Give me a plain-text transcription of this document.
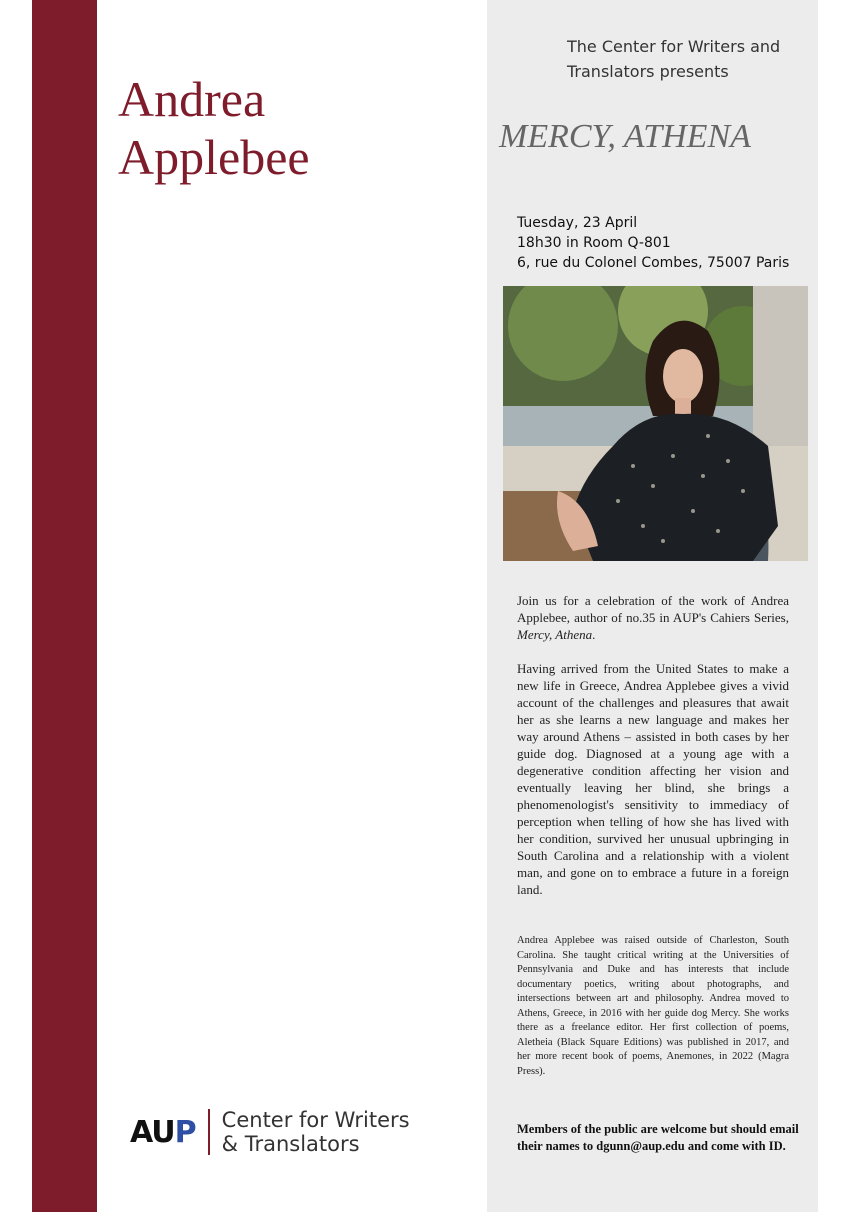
Andrea
Applebee
AUP Center for Writers
& Translators
The Center for Writers and Translators presents
MERCY, ATHENA
Tuesday, 23 April
18h30 in Room Q-801
6, rue du Colonel Combes, 75007 Paris
Join us for a celebration of the work of Andrea Applebee, author of no.35 in AUP's Cahiers Series, Mercy, Athena.
Having arrived from the United States to make a new life in Greece, Andrea Applebee gives a vivid account of the challenges and pleasures that await her as she learns a new language and makes her way around Athens – assisted in both cases by her guide dog. Diagnosed at a young age with a degenerative condition affecting her vision and eventually leaving her blind, she brings a phenomenologist's sensitivity to immediacy of perception when telling of how she has lived with her condition, survived her unusual upbringing in South Carolina and a relationship with a violent man, and gone on to embrace a future in a foreign land.
Andrea Applebee was raised outside of Charleston, South Carolina. She taught critical writing at the Universities of Pennsylvania and Duke and has interests that include documentary poetics, writing about photographs, and intersections between art and philosophy. Andrea moved to Athens, Greece, in 2016 with her guide dog Mercy. She works there as a freelance editor. Her first collection of poems, Aletheia (Black Square Editions) was published in 2017, and her more recent book of poems, Anemones, in 2022 (Magra Press).
Members of the public are welcome but should email their names to dgunn@aup.edu and come with ID.
